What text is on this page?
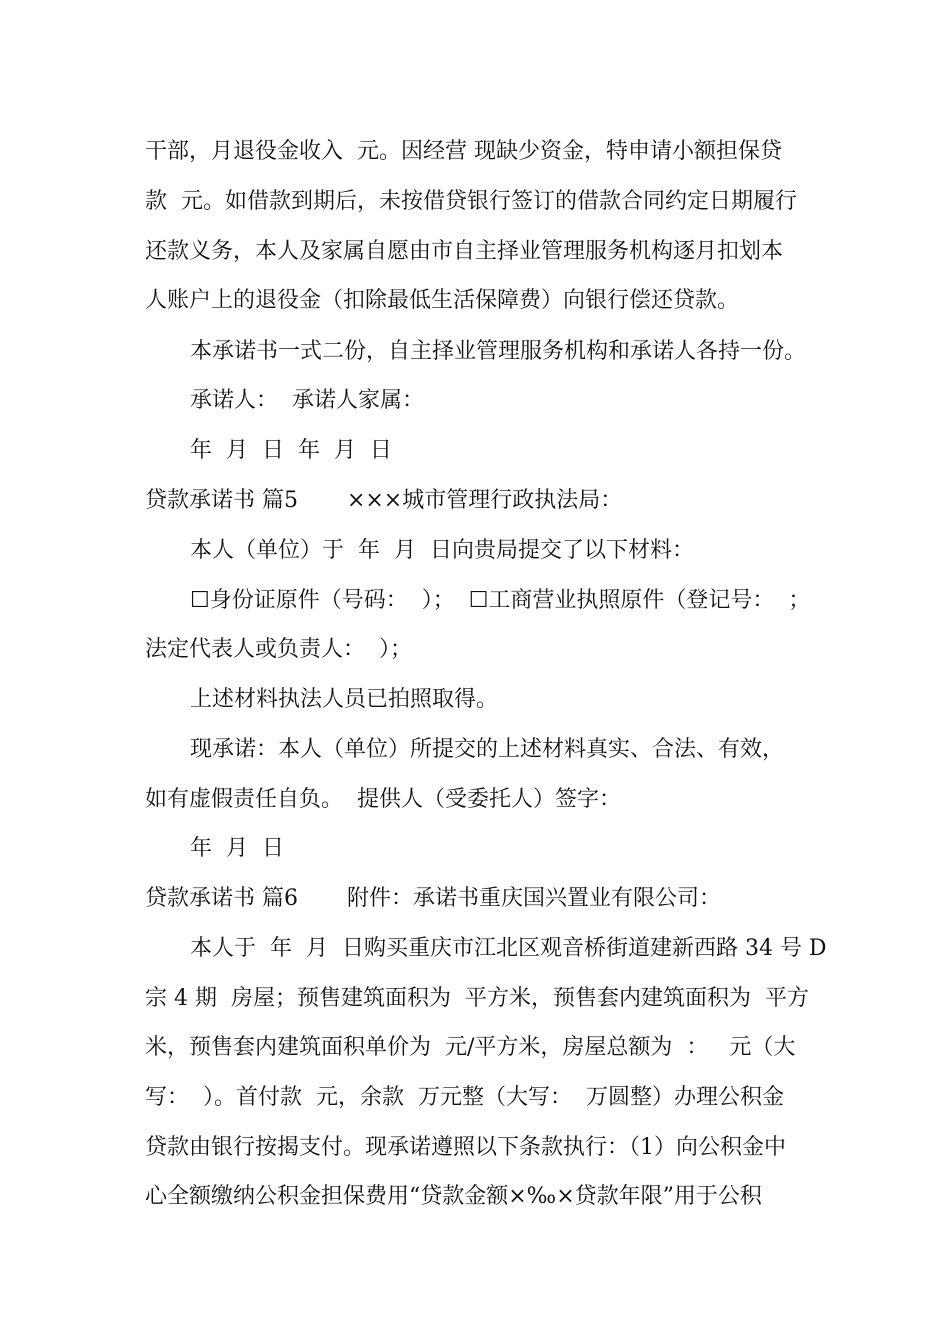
干部，月退役金收入  元。因经营 现缺少资金，特申请小额担保贷
款  元。如借款到期后，未按借贷银行签订的借款合同约定日期履行
还款义务，本人及家属自愿由市自主择业管理服务机构逐月扣划本
人账户上的退役金（扣除最低生活保障费）向银行偿还贷款。
本承诺书一式二份，自主择业管理服务机构和承诺人各持一份。
承诺人：  承诺人家属：
年  月  日  年  月  日
贷款承诺书 篇5       ×××城市管理行政执法局：
本人（单位）于  年  月  日向贵局提交了以下材料：
☐身份证原件（号码：  ）；  ☐工商营业执照原件（登记号：  ；
法定代表人或负责人：  ）；
上述材料执法人员已拍照取得。
现承诺：本人（单位）所提交的上述材料真实、合法、有效，
如有虚假责任自负。  提供人（受委托人）签字：
年  月  日
贷款承诺书 篇6       附件：承诺书重庆国兴置业有限公司：
本人于  年  月  日购买重庆市江北区观音桥街道建新西路 34 号 D
宗 4 期  房屋；预售建筑面积为  平方米，预售套内建筑面积为  平方
米，预售套内建筑面积单价为  元/平方米，房屋总额为  ：   元（大
写：  ）。首付款  元，余款  万元整（大写：  万圆整）办理公积金
贷款由银行按揭支付。现承诺遵照以下条款执行：（1）向公积金中
心全额缴纳公积金担保费用“贷款金额×‰×贷款年限”用于公积
